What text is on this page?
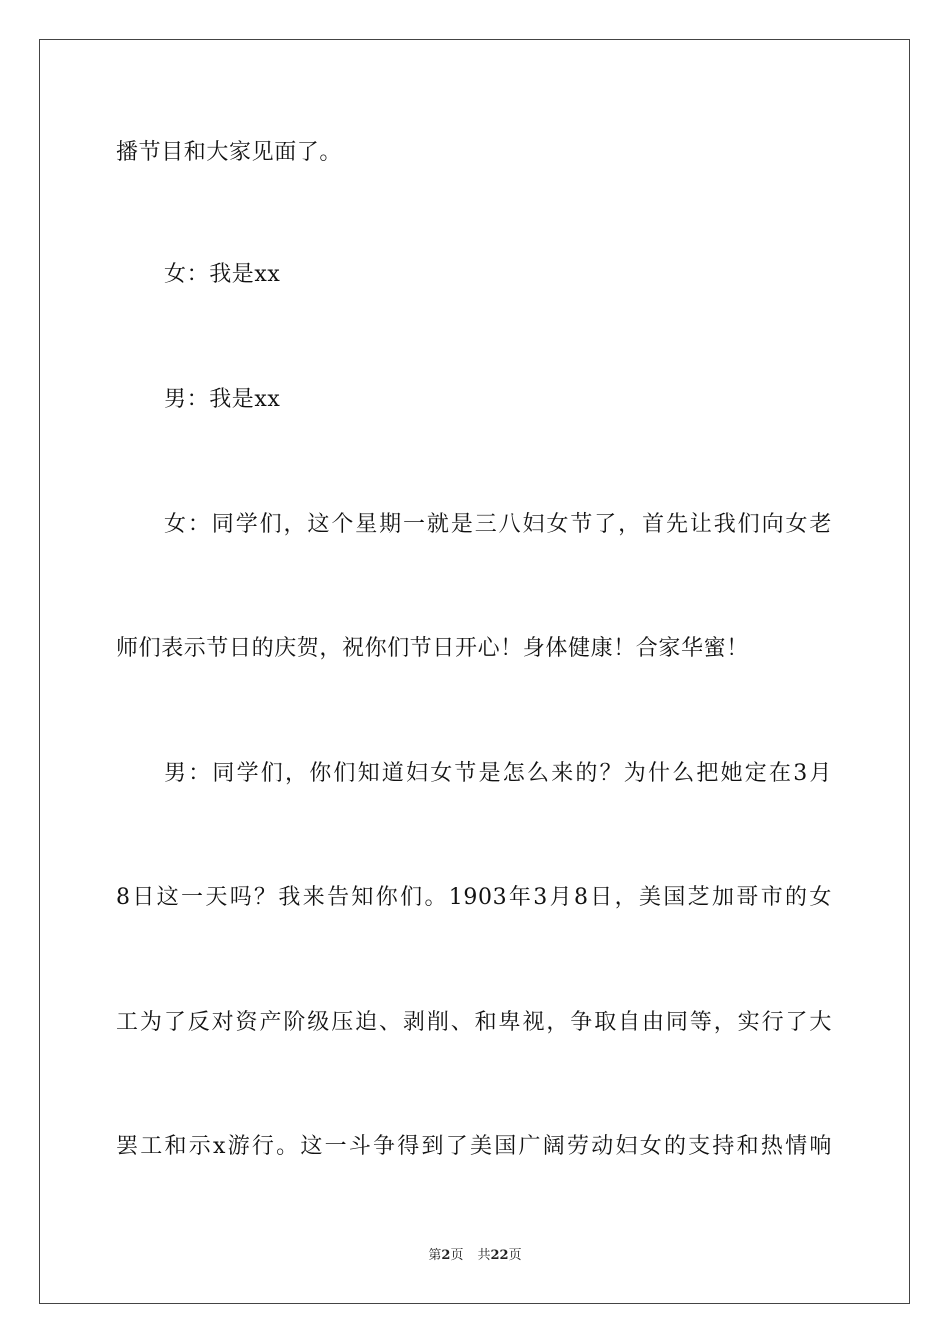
播节目和大家见面了。
女：我是xx
男：我是xx
女：同学们，这个星期一就是三八妇女节了，首先让我们向女老
师们表示节日的庆贺，祝你们节日开心！身体健康！合家华蜜！
男：同学们，你们知道妇女节是怎么来的？为什么把她定在3月
8日这一天吗？我来告知你们。1903年3月8日，美国芝加哥市的女
工为了反对资产阶级压迫、剥削、和卑视，争取自由同等，实行了大
罢工和示x游行。这一斗争得到了美国广阔劳动妇女的支持和热情响
第2页 共22页
